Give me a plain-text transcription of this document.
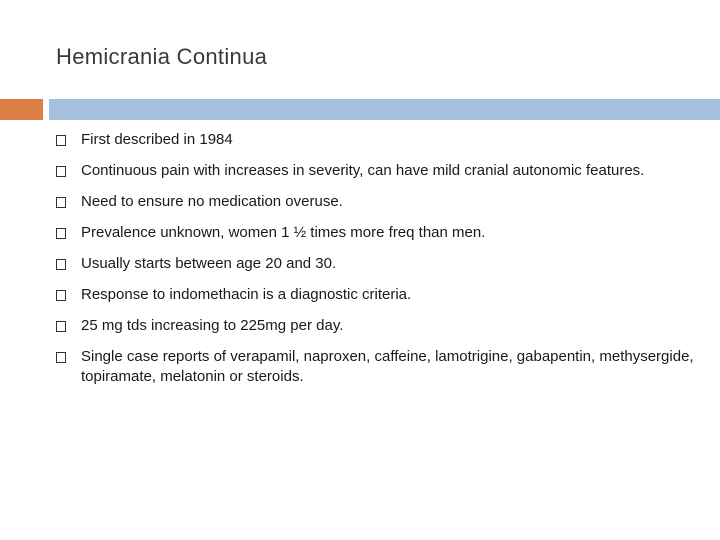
Hemicrania Continua
First described in 1984
Continuous pain with increases in severity, can have mild cranial autonomic features.
Need to ensure no medication overuse.
Prevalence unknown, women 1 ½ times more freq than men.
Usually starts between age 20 and 30.
Response to indomethacin is a diagnostic criteria.
25 mg tds increasing to 225mg per day.
Single case reports of verapamil, naproxen, caffeine, lamotrigine, gabapentin, methysergide, topiramate, melatonin or steroids.
